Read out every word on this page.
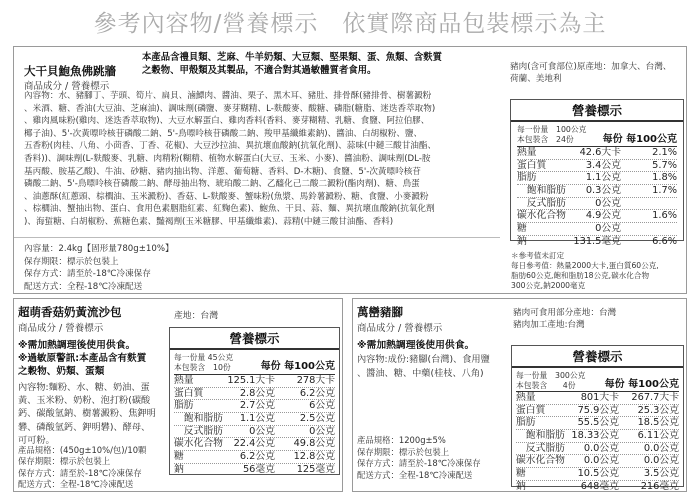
參考內容物/營養標示　依實際商品包裝標示為主
大干貝鮑魚佛跳牆
商品成分 / 營養標示
本產品含禮貝類、芝麻、牛羊奶類、大豆類、堅果類、蛋、魚類、含麩質
之穀物、甲殼類及其製品，不適合對其過敏體質者食用。	豬肉(含可食部位)原產地：加拿大、台灣、
荷蘭、美地利
內容物：水、豬腳丁、芋頭、筍片、扁貝、滷鰾肉、醬油、栗子、黑木耳、豬肚、排骨酥(豬排骨、樹薯澱粉
、米酒、糖、香油(大豆油、芝麻油)、調味劑(磷鹽、麥芽糊精、L-麩酸麥、酸糖、磷脂(糖脂、迷迭香萃取物)
、雞肉風味粉(雞肉、迷迭香萃取物)、大豆水解蛋白、雞肉香料(香料、麥芽糊精、乳糖、食鹽、阿拉伯膠、
椰子油)、5'-次黃嘌呤核苷磷酸二鈉、5'-鳥嘌呤核苷磷酸二鈉、羧甲基纖維素鈉)、醬油、白胡椒粉、鹽、
五香粉(肉桂、八角、小茴香、丁香、花椒)、大豆沙拉油、異抗壞血酸鈉(抗氧化劑)、蒜味(中鏈三酸甘油酯、
香料))、調味劑(L-麩酸麥、乳糖、肉精粉(糊精、植物水解蛋白(大豆、玉米、小麥)、醬油粉、調味劑(DL-胺
基丙酸、胺基乙酸)、牛油、砂糖、豬肉抽出物、洋蔥、葡萄糖、香料、D-木糖)、食鹽、5'-次黃嘌呤核苷
磷酸二鈉、5'-鳥嘌呤核苷磷酸二鈉、酵母抽出物、琥珀酸二鈉、乙醯化己二酸二澱粉(酯肉劑)、糖、鳥蛋
、油蔥酥(紅蔥頭、棕櫚油、玉米澱粉)、香菇、L-麩酸麥、蟹味粉(魚漿、馬鈴薯澱粉、糖、食鹽、小麥澱粉
、棕櫚油、蟹抽出物、蛋白、食用色素胭脂紅素、紅麴色素)、鮑魚、干貝、蒜、麵、異抗壞血酸鈉(抗氧化劑
)、海蜇糖、白胡椒粉、蕉糖色素、豔褐劑(玉米糖膠、甲基纖維素)、蒜精(中鏈三酸甘油酯、香料)
內容量：2.4kg【固形量780g±10%】
保存期限：標示於包裝上
保存方式：請至於-18℃冷凍保存
配送方式：全程-18℃冷凍配送
營養標示
每一份量　100公克
本包裝含　24份	每份 每100公克
熱量	42.6大卡	2.1%
蛋白質	3.4公克	5.7%
脂肪	1.1公克	1.8%
　飽和脂肪 0.3公克	1.7%
　反式脂肪	0公克
碳水化合物 4.9公克	1.6%
糖	0公克
鈉	131.5毫克	6.6%
＊參考值未訂定
每日參考值：熱量2000大卡,蛋白質60公克,
脂肪60公克,飽和脂肪18公克,碳水化合物
300公克,鈉2000毫克
超萌香菇奶黃流沙包
商品成分 / 營養標示
產地：台灣
※需加熱調理後使用供食。
※過敏原警訊:本產品含有麩質
之穀物、奶類、蛋類
內容物:麵粉、水、糖、奶油、蛋
黃、玉米粉、奶粉、泡打粉(碳酸
鈣、碳酸氫鈉、樹薯澱粉、焦鉀明
礬、磷酸氫鈣、鉀明礬)、酵母、
可可粉。
產品規格：(450g±10%/包)/10顆
保存期限：標示於包裝上
保存方式：請至於-18℃冷凍保存
配送方式：全程-18℃冷凍配送
營養標示
每一份量 45公克
本包裝含　10份	每份 每100公克
熱量	125.1大卡 278大卡
蛋白質	2.8公克	6.2公克
脂肪	2.7公克	6公克
　飽和脂肪 1.1公克	2.5公克
　反式脂肪	0公克	0公克
碳水化合物 22.4公克 49.8公克
糖	6.2公克 12.8公克
鈉	56毫克 125毫克
萬巒豬腳
商品成分 / 營養標示
豬肉可食用部分產地：台灣
豬肉加工產地:台灣
※需加熱調理後使用供食。
內容物:成份:豬腳(台灣)、食用鹽
、醬油、糖、中藥(桂枝、八角)
產品規格：1200g±5%
保存期限：標示於包裝上
保存方式：請至於-18℃冷凍保存
配送方式：全程-18℃冷凍配送
營養標示
每一份量　300公克
本包裝含　　4份	每份 每100公克
熱量	801大卡 267.7大卡
蛋白質	75.9公克 25.3公克
脂肪	55.5公克 18.5公克
　飽和脂肪 18.33公克 6.11公克
　反式脂肪 0.0公克	0.0公克
碳水化合物 0.0公克	0.0公克
糖	10.5公克	3.5公克
鈉	648毫克 216毫克
